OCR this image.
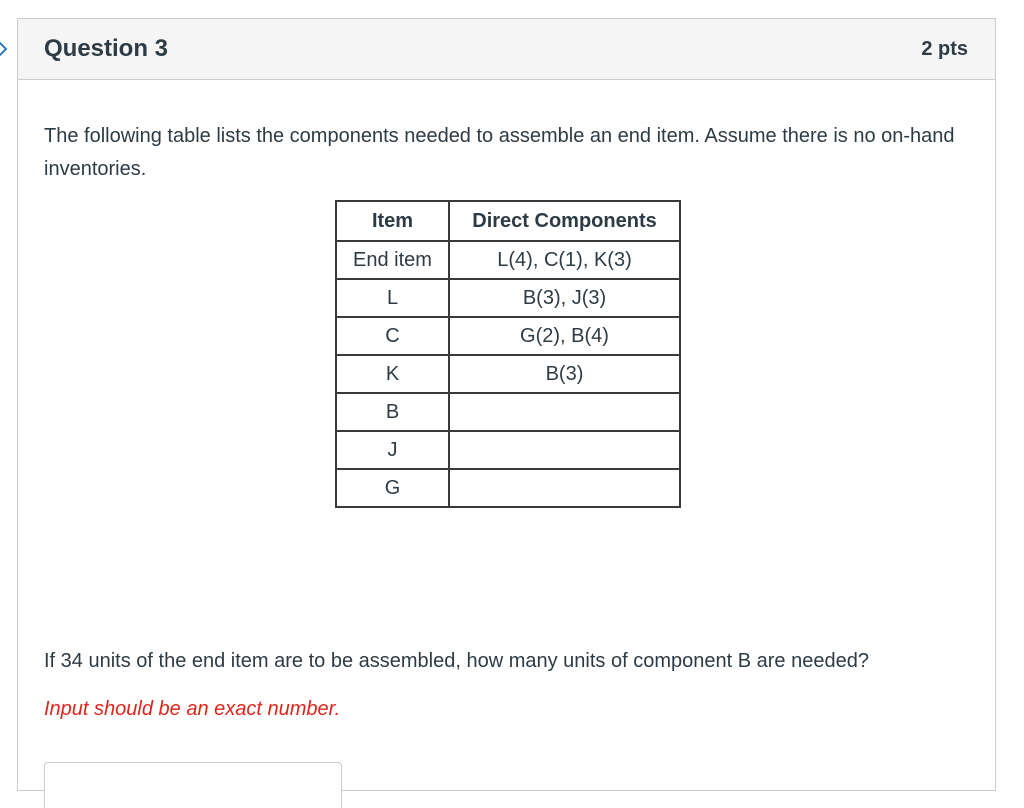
Question 3	2 pts

The following table lists the components needed to assemble an end item. Assume there is no on-hand inventories.

Item	Direct Components
End item	L(4), C(1), K(3)
L	B(3), J(3)
C	G(2), B(4)
K	B(3)
B	
J	
G	

If 34 units of the end item are to be assembled, how many units of component B are needed?

Input should be an exact number.
